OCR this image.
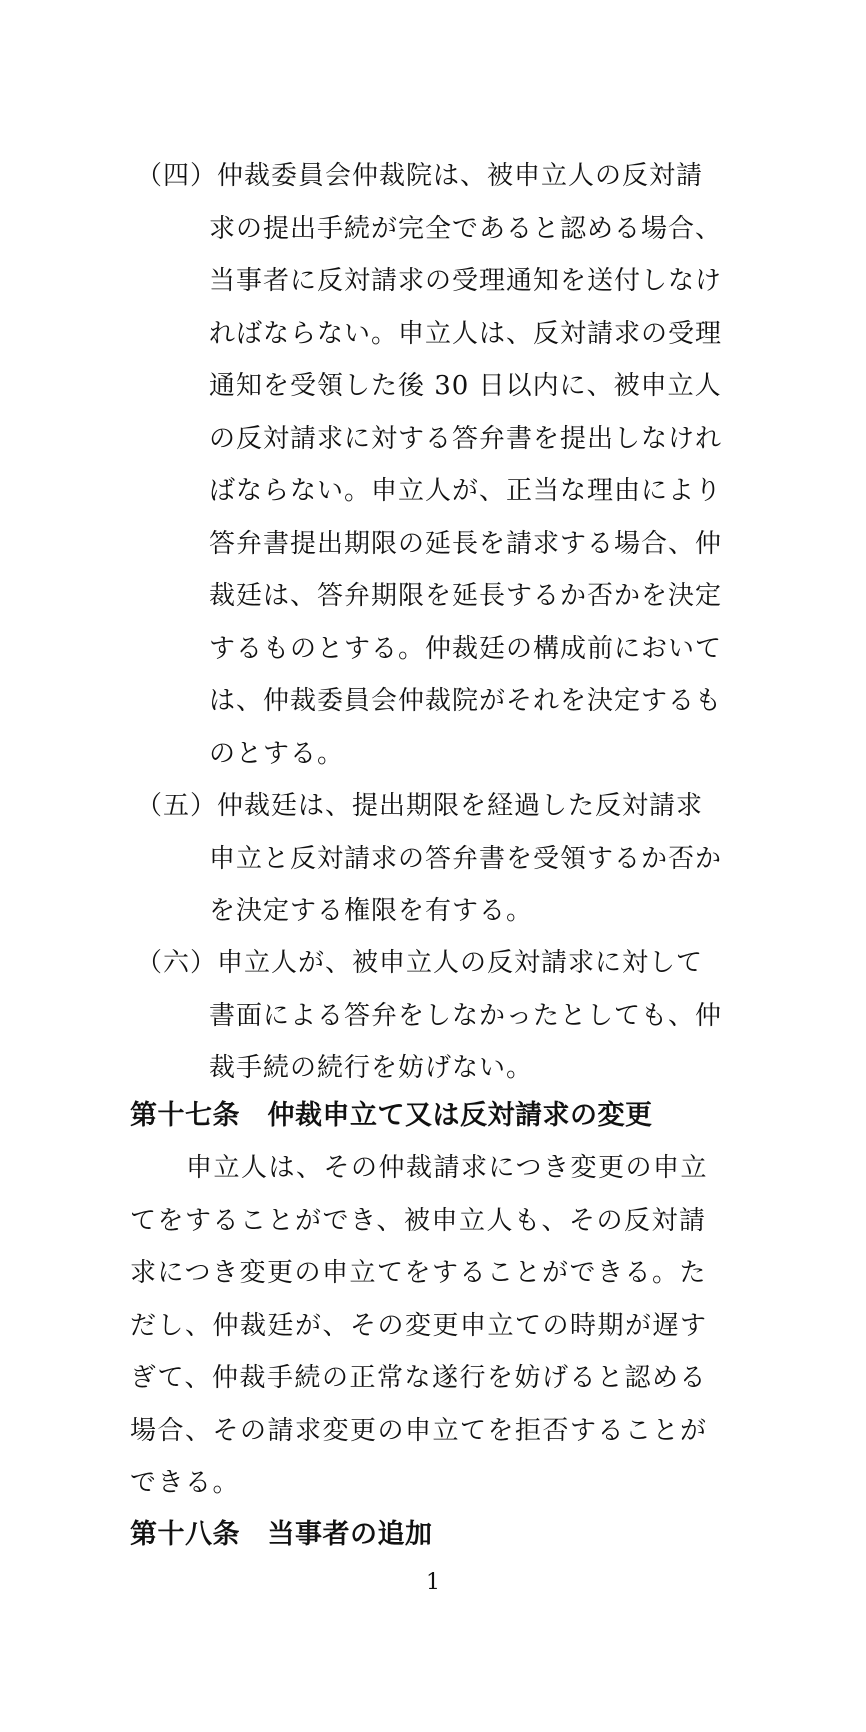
（四）仲裁委員会仲裁院は、被申立人の反対請
求の提出手続が完全であると認める場合、
当事者に反対請求の受理通知を送付しなけ
ればならない。申立人は、反対請求の受理
通知を受領した後 30 日以内に、被申立人
の反対請求に対する答弁書を提出しなけれ
ばならない。申立人が、正当な理由により
答弁書提出期限の延長を請求する場合、仲
裁廷は、答弁期限を延長するか否かを決定
するものとする。仲裁廷の構成前において
は、仲裁委員会仲裁院がそれを決定するも
のとする。
（五）仲裁廷は、提出期限を経過した反対請求
申立と反対請求の答弁書を受領するか否か
を決定する権限を有する。
（六）申立人が、被申立人の反対請求に対して
書面による答弁をしなかったとしても、仲
裁手続の続行を妨げない。
第十七条　仲裁申立て又は反対請求の変更
申立人は、その仲裁請求につき変更の申立
てをすることができ、被申立人も、その反対請
求につき変更の申立てをすることができる。た
だし、仲裁廷が、その変更申立ての時期が遅す
ぎて、仲裁手続の正常な遂行を妨げると認める
場合、その請求変更の申立てを拒否することが
できる。
第十八条　当事者の追加
1
